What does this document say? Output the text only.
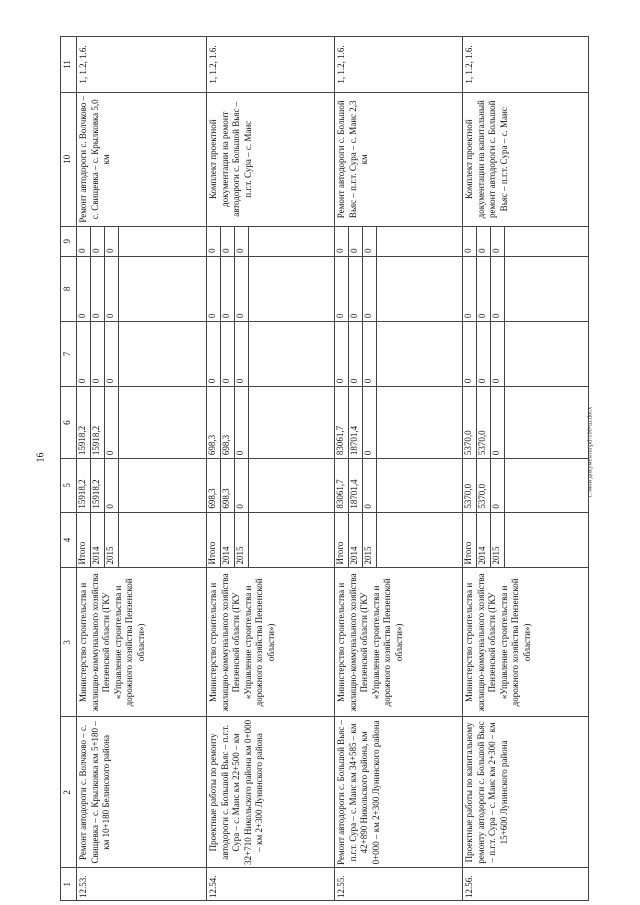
16	c:\мои документы\pd\100-ш.docx
1	2	3	4	5	6	7	8	9	10	11
12.53.	Ремонт автодороги с. Волчково – с. Свищевка – с. Крылковка км 5+180 – км 10+180 Белинского района	Министерство строительства и жилищно-коммунального хозяйства Пензенской области (ГКУ «Управление строительства и дорожного хозяйства Пензенской области»)	Итого	15918,2	15918,2	0	0	0	Ремонт автодороги с. Волчково – с. Свищевка – с. Крылковка 5,0 км	1, 1.2, 1.6.
			2014	15918,2	15918,2	0	0	0		
			2015	0	0	0	0	0		

12.54.	Проектные работы по ремонту автодороги с. Большой Вьяс – п.г.т. Сура – с. Маис км 22+500 – км 32+710 Никольского района км 0+000 – км 2+300 Лунинского района	Министерство строительства и жилищно-коммунального хозяйства Пензенской области (ГКУ «Управление строительства и дорожного хозяйства Пензенской области»)	Итого	698,3	698,3	0	0	0	Комплект проектной документации на ремонт автодороги с. Большой Вьяс – п.г.т. Сура – с. Маис	1, 1.2, 1.6.
			2014	698,3	698,3	0	0	0		
			2015	0	0	0	0	0		

12.55.	Ремонт автодороги с. Большой Вьяс – п.г.т. Сура – с. Маис км 34+585 – км 42+890 Никольского района, км 0+000 – км 2+300 Лунинского района	Министерство строительства и жилищно-коммунального хозяйства Пензенской области (ГКУ «Управление строительства и дорожного хозяйства Пензенской области»)	Итого	83061,7	83061,7	0	0	0	Ремонт автодороги с. Большой Вьяс – п.г.т. Сура – с. Маис 2,3 км	1, 1.2, 1.6.
			2014	18701,4	18701,4	0	0	0		
			2015	0	0	0	0	0		

12.56.	Проектные работы по капитальному ремонту автодороги с. Большой Вьяс – п.г.т. Сура – с. Маис км 2+300 – км 15+600 Лунинского района	Министерство строительства и жилищно-коммунального хозяйства Пензенской области (ГКУ «Управление строительства и дорожного хозяйства Пензенской области»)	Итого	5370,0	5370,0	0	0	0	Комплект проектной документации на капитальный ремонт автодороги с. Большой Вьяс – п.г.т. Сура – с. Маис	1, 1.2, 1.6.
			2014	5370,0	5370,0	0	0	0		
			2015	0	0	0	0	0		
